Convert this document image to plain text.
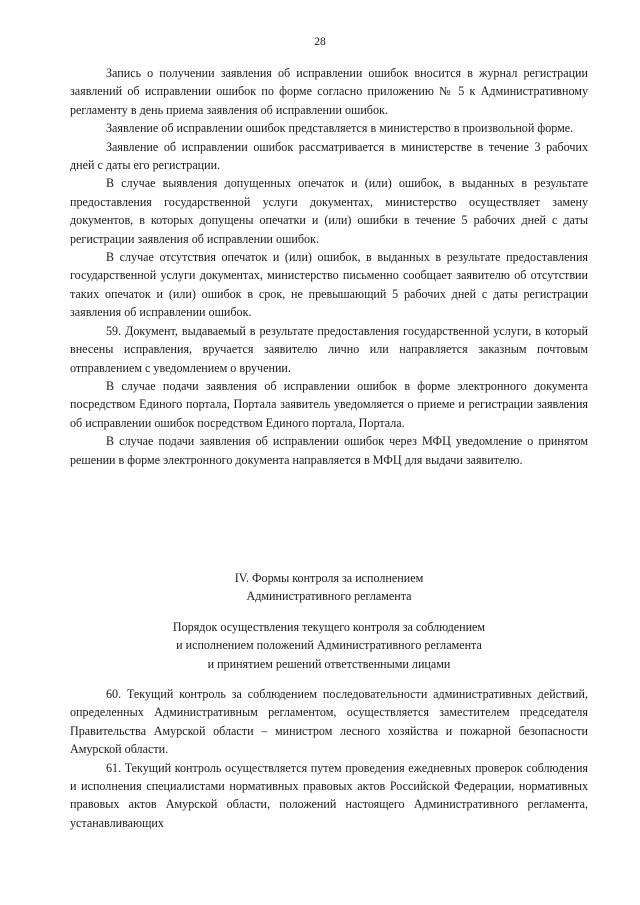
28

Запись о получении заявления об исправлении ошибок вносится в журнал регистрации заявлений об исправлении ошибок по форме согласно приложению № 5 к Административному регламенту в день приема заявления об исправлении ошибок.

Заявление об исправлении ошибок представляется в министерство в произвольной форме.

Заявление об исправлении ошибок рассматривается в министерстве в течение 3 рабочих дней с даты его регистрации.

В случае выявления допущенных опечаток и (или) ошибок, в выданных в результате предоставления государственной услуги документах, министерство осуществляет замену документов, в которых допущены опечатки и (или) ошибки в течение 5 рабочих дней с даты регистрации заявления об исправлении ошибок.

В случае отсутствия опечаток и (или) ошибок, в выданных в результате предоставления государственной услуги документах, министерство письменно сообщает заявителю об отсутствии таких опечаток и (или) ошибок в срок, не превышающий 5 рабочих дней с даты регистрации заявления об исправлении ошибок.

59. Документ, выдаваемый в результате предоставления государственной услуги, в который внесены исправления, вручается заявителю лично или направляется заказным почтовым отправлением с уведомлением о вручении.

В случае подачи заявления об исправлении ошибок в форме электронного документа посредством Единого портала, Портала заявитель уведомляется о приеме и регистрации заявления об исправлении ошибок посредством Единого портала, Портала.

В случае подачи заявления об исправлении ошибок через МФЦ уведомление о принятом решении в форме электронного документа направляется в МФЦ для выдачи заявителю.

IV. Формы контроля за исполнением

Административного регламента

Порядок осуществления текущего контроля за соблюдением

и исполнением положений Административного регламента

и принятием решений ответственными лицами

60. Текущий контроль за соблюдением последовательности административных действий, определенных Административным регламентом, осуществляется заместителем председателя Правительства Амурской области – министром лесного хозяйства и пожарной безопасности Амурской области.

61. Текущий контроль осуществляется путем проведения ежедневных проверок соблюдения и исполнения специалистами нормативных правовых актов Российской Федерации, нормативных правовых актов Амурской области, положений настоящего Административного регламента, устанавливающих
